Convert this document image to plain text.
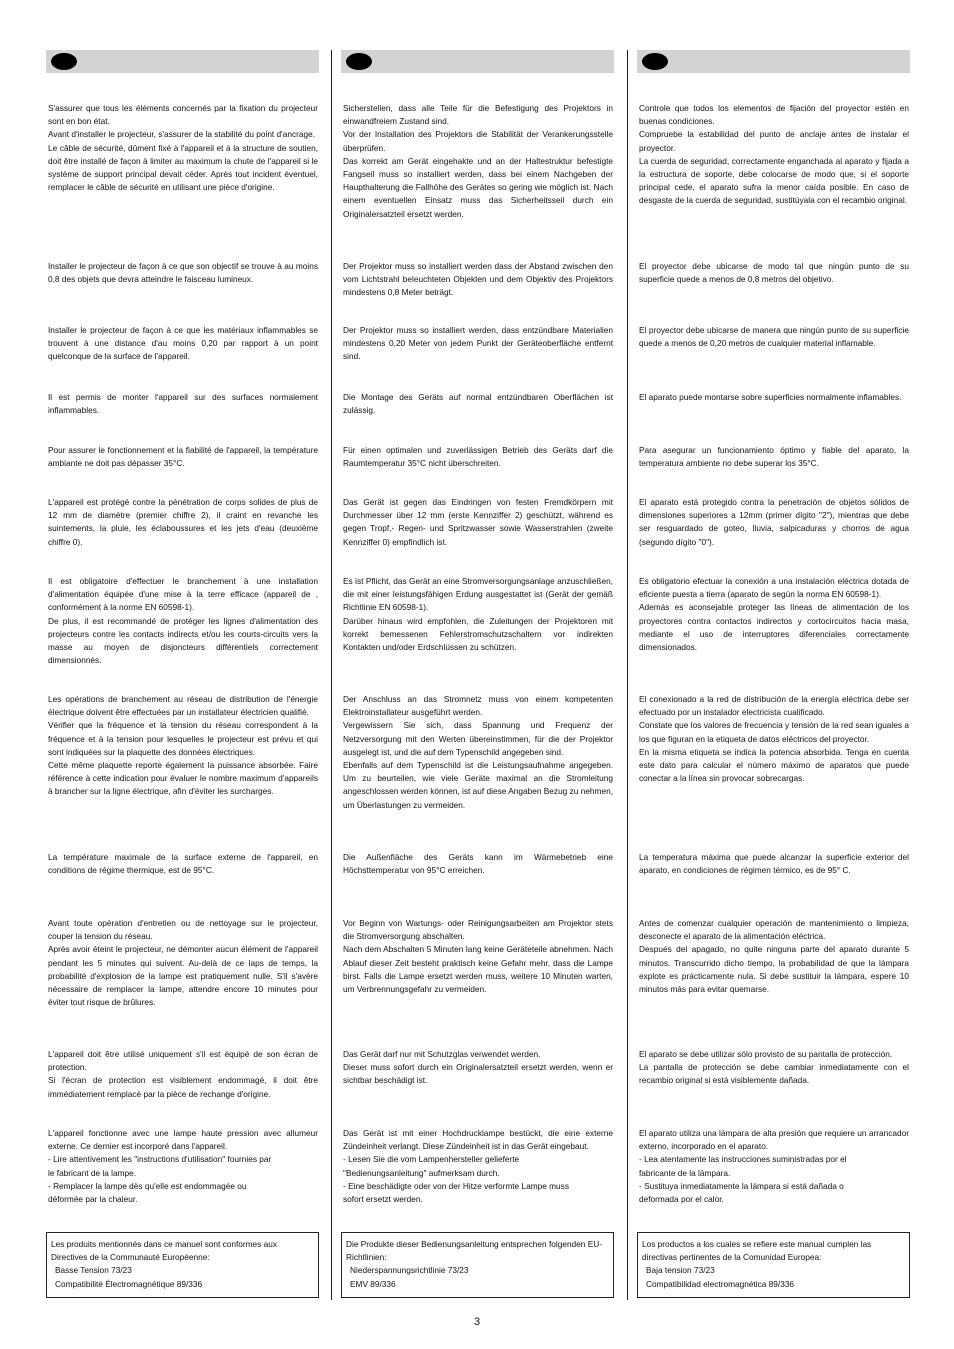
S'assurer que tous les éléments concernés par la fixation du projecteur sont en bon état.
Avant d'installer le projecteur, s'assurer de la stabilité du point d'ancrage.
Le câble de sécurité, dûment fixé à l'appareil et à la structure de soutien, doit être installé de façon à limiter au maximum la chute de l'appareil si le système de support principal devait céder. Après tout incident éventuel, remplacer le câble de sécurité en utilisant une pièce d'origine.

Installer le projecteur de façon à ce que son objectif se trouve à au moins 0,8 des objets que devra atteindre le faisceau lumineux.

Installer le projecteur de façon à ce que les matériaux inflammables se trouvent à une distance d'au moins 0,20 par rapport à un point quelconque de la surface de l'appareil.

Il est permis de monter l'appareil sur des surfaces normalement inflammables.

Pour assurer le fonctionnement et la fiabilité de l'appareil, la température ambiante ne doit pas dépasser 35°C.

L'appareil est protégé contre la pénétration de corps solides de plus de 12 mm de diamètre (premier chiffre 2), il craint en revanche les suintements, la pluie, les éclaboussures et les jets d'eau (deuxième chiffre 0).

Il est obligatoire d'effectuer le branchement à une installation d'alimentation équipée d'une mise à la terre efficace (appareil de , conformément à la norme EN 60598-1).
De plus, il est recommandé de protéger les lignes d'alimentation des projecteurs contre les contacts indirects et/ou les courts-circuits vers la masse au moyen de disjoncteurs différentiels correctement dimensionnés.

Les opérations de branchement au réseau de distribution de l'énergie électrique doivent être effectuées par un installateur électricien qualifié.
Vérifier que la fréquence et la tension du réseau correspondent à la fréquence et à la tension pour lesquelles le projecteur est prévu et qui sont indiquées sur la plaquette des données électriques.
Cette même plaquette reporte également la puissance absorbée. Faire référence à cette indication pour évaluer le nombre maximum d'appareils à brancher sur la ligne électrique, afin d'éviter les surcharges.

La température maximale de la surface externe de l'appareil, en conditions de régime thermique, est de 95°C.

Avant toute opération d'entretien ou de nettoyage sur le projecteur, couper la tension du réseau.
Après avoir éteint le projecteur, ne démonter aucun élément de l'appareil pendant les 5 minutes qui suivent. Au-delà de ce laps de temps, la probabilité d'explosion de la lampe est pratiquement nulle. S'il s'avère nécessaire de remplacer la lampe, attendre encore 10 minutes pour éviter tout risque de brûlures.

L'appareil doit être utilisé uniquement s'il est équipé de son écran de protection.
Si l'écran de protection est visiblement endommagé, il doit être immédiatement remplacé par la pièce de rechange d'origine.

L'appareil fonctionne avec une lampe haute pression avec allumeur externe. Ce dernier est incorporé dans l'appareil.
- Lire attentivement les "instructions d'utilisation" fournies par
le fabricant de la lampe.
- Remplacer la lampe dès qu'elle est endommagée ou
déformée par la chaleur.

Sicherstellen, dass alle Teile für die Befestigung des Projektors in einwandfreiem Zustand sind.
Vor der Installation des Projektors die Stabilität der Verankerungsstelle überprüfen.
Das korrekt am Gerät eingehakte und an der Haltestruktur befestigte Fangseil muss so installiert werden, dass bei einem Nachgeben der Haupthalterung die Fallhöhe des Gerätes so gering wie möglich ist. Nach einem eventuellen Einsatz muss das Sicherheitsseil durch ein Originalersatzteil ersetzt werden.

Der Projektor muss so installiert werden dass der Abstand zwischen den vom Lichtstrahl beleuchteten Objekten und dem Objektiv des Projektors mindestens 0,8 Meter beträgt.

Der Projektor muss so installiert werden, dass entzündbare Materialien mindestens 0,20 Meter von jedem Punkt der Geräteoberfläche entfernt sind.

Die Montage des Geräts auf normal entzündbaren Oberflächen ist zulässig.

Für einen optimalen und zuverlässigen Betrieb des Geräts darf die Raumtemperatur 35°C nicht überschreiten.

Das Gerät ist gegen das Eindringen von festen Fremdkörpern mit Durchmesser über 12 mm (erste Kennziffer 2) geschützt, während es gegen Tropf,- Regen- und Spritzwasser sowie Wasserstrahlen (zweite Kennziffer 0) empfindlich ist.

Es ist Pflicht, das Gerät an eine Stromversorgungsanlage anzuschließen, die mit einer leistungsfähigen Erdung ausgestattet ist (Gerät der gemäß Richtlinie EN 60598-1).
Darüber hinaus wird empfohlen, die Zuleitungen der Projektoren mit korrekt bemessenen Fehlerstromschutzschaltern vor indirekten Kontakten und/oder Erdschlüssen zu schützen.

Der Anschluss an das Stromnetz muss von einem kompetenten Elektroinstallateur ausgeführt werden.
Vergewissern Sie sich, dass Spannung und Frequenz der Netzversorgung mit den Werten übereinstimmen, für die der Projektor ausgelegt ist, und die auf dem Typenschild angegeben sind.
Ebenfalls auf dem Typenschild ist die Leistungsaufnahme angegeben. Um zu beurteilen, wie viele Geräte maximal an die Stromleitung angeschlossen werden können, ist auf diese Angaben Bezug zu nehmen, um Überlastungen zu vermeiden.

Die Außenfläche des Geräts kann im Wärmebetrieb eine Höchsttemperatur von 95°C erreichen.

Vor Beginn von Wartungs- oder Reinigungsarbeiten am Projektor stets die Stromversorgung abschalten.
Nach dem Abschalten 5 Minuten lang keine Geräteteile abnehmen. Nach Ablauf dieser Zeit besteht praktisch keine Gefahr mehr, dass die Lampe birst. Falls die Lampe ersetzt werden muss, weitere 10 Minuten warten, um Verbrennungsgefahr zu vermeiden.

Das Gerät darf nur mit Schutzglas verwendet werden.
Dieser muss sofort durch ein Originalersatzteil ersetzt werden, wenn er sichtbar beschädigt ist.

Das Gerät ist mit einer Hochdrucklampe bestückt, die eine externe Zündeinheit verlangt. Diese Zündeinheit ist in das Gerät eingebaut.
- Lesen Sie die vom Lampenhersteller gelieferte
"Bedienungsanleitung" aufmerksam durch.
- Eine beschädigte oder von der Hitze verformte Lampe muss
sofort ersetzt werden.

Controle que todos los elementos de fijación del proyector estén en buenas condiciones.
Compruebe la estabilidad del punto de anclaje antes de instalar el proyector.
La cuerda de seguridad, correctamente enganchada al aparato y fijada a la estructura de soporte, debe colocarse de modo que, si el soporte principal cede, el aparato sufra la menor caída posible. En caso de desgaste de la cuerda de seguridad, sustitúyala con el recambio original.

El proyector debe ubicarse de modo tal que ningún punto de su superficie quede a menos de 0,8 metros del objetivo.

El proyector debe ubicarse de manera que ningún punto de su superficie quede a menos de 0,20 metros de cualquier material inflamable.

El aparato puede montarse sobre superficies normalmente inflamables.

Para asegurar un funcionamiento óptimo y fiable del aparato, la temperatura ambiente no debe superar los 35°C.

El aparato está protegido contra la penetración de objetos sólidos de dimensiones superiores a 12mm (primer dígito "2"), mientras que debe ser resguardado de goteo, lluvia, salpicaduras y chorros de agua (segundo dígito "0").

Es obligatorio efectuar la conexión a una instalación eléctrica dotada de eficiente puesta a tierra (aparato de según la norma EN 60598-1).
Además es aconsejable proteger las líneas de alimentación de los proyectores contra contactos indirectos y cortocircuitos hacia masa, mediante el uso de interruptores diferenciales correctamente dimensionados.

El conexionado a la red de distribución de la energía eléctrica debe ser efectuado por un instalador electricista cualificado.
Constate que los valores de frecuencia y tensión de la red sean iguales a los que figuran en la etiqueta de datos eléctricos del proyector.
En la misma etiqueta se indica la potencia absorbida. Tenga en cuenta este dato para calcular el número máximo de aparatos que puede conectar a la línea sin provocar sobrecargas.

La temperatura máxima que puede alcanzar la superficie exterior del aparato, en condiciones de régimen térmico, es de 95° C.

Antes de comenzar cualquier operación de mantenimiento o limpieza, desconecte el aparato de la alimentación eléctrica.
Después del apagado, no quite ninguna parte del aparato durante 5 minutos. Transcurrido dicho tiempo, la probabilidad de que la lámpara explote es prácticamente nula. Si debe sustituir la lámpara, espere 10 minutos más para evitar quemarse.

El aparato se debe utilizar sólo provisto de su pantalla de protección.
La pantalla de protección se debe cambiar inmediatamente con el recambio original si está visiblemente dañada.

El aparato utiliza una lámpara de alta presión que requiere un arrancador externo, incorporado en el aparato.
- Lea atentamente las instrucciones suministradas por el
fabricante de la lámpara.
- Sustituya inmediatamente la lámpara si está dañada o
deformada por el calor.

Les produits mentionnés dans ce manuel sont conformes aux Directives de la Communauté Européenne:
Basse Tension 73/23
Compatibilité Électromagnétique 89/336
Die Produkte dieser Bedienungsanleitung entsprechen folgenden EU-Richtlinien:
Niederspannungsrichtlinie 73/23
EMV 89/336
Los productos a los cuales se refiere este manual cumplen las directivas pertinentes de la Comunidad Europea:
Baja tension 73/23
Compatibilidad electromagnética 89/336
3
